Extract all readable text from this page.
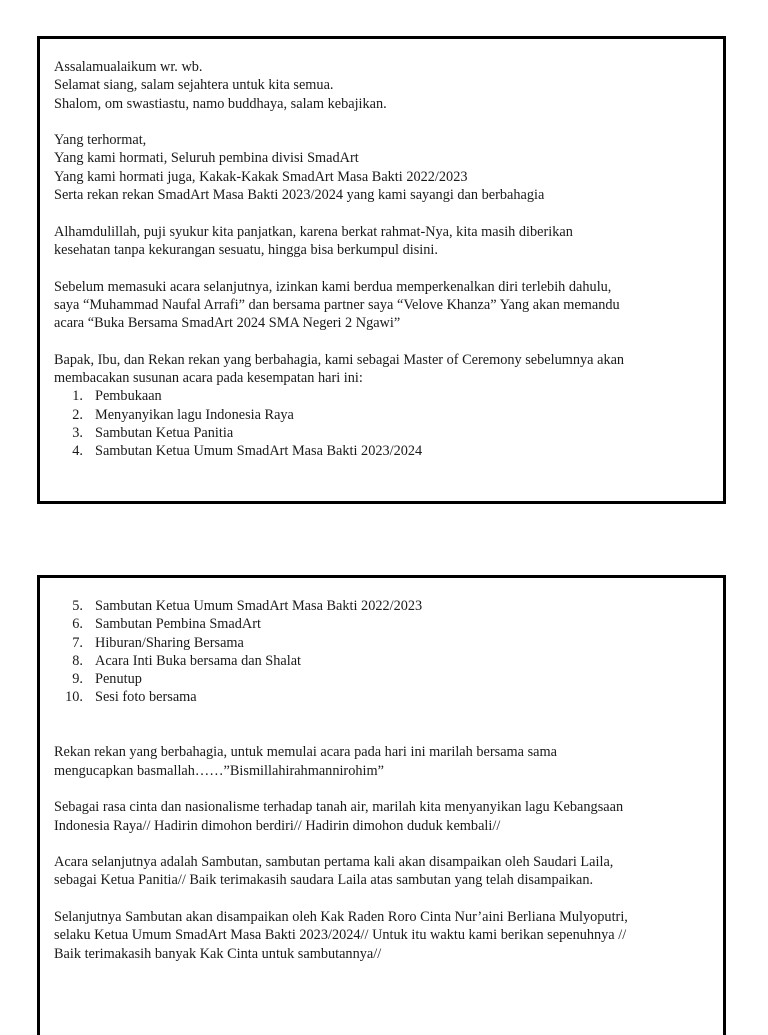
Assalamualaikum wr. wb.

Selamat siang, salam sejahtera untuk kita semua.

Shalom, om swastiastu, namo buddhaya, salam kebajikan.

Yang terhormat,

Yang kami hormati, Seluruh pembina divisi SmadArt

Yang kami hormati juga, Kakak-Kakak SmadArt Masa Bakti 2022/2023

Serta rekan rekan SmadArt Masa Bakti 2023/2024 yang kami sayangi dan berbahagia

Alhamdulillah, puji syukur kita panjatkan, karena berkat rahmat-Nya, kita masih diberikan

kesehatan tanpa kekurangan sesuatu, hingga bisa berkumpul disini.

Sebelum memasuki acara selanjutnya, izinkan kami berdua memperkenalkan diri terlebih dahulu,

saya “Muhammad Naufal Arrafi” dan bersama partner saya “Velove Khanza” Yang akan memandu

acara “Buka Bersama SmadArt 2024 SMA Negeri 2 Ngawi”

Bapak, Ibu, dan Rekan rekan yang berbahagia, kami sebagai Master of Ceremony sebelumnya akan

membacakan susunan acara pada kesempatan hari ini:

1. Pembukaan
2. Menyanyikan lagu Indonesia Raya
3. Sambutan Ketua Panitia
4. Sambutan Ketua Umum SmadArt Masa Bakti 2023/2024
5. Sambutan Ketua Umum SmadArt Masa Bakti 2022/2023
6. Sambutan Pembina SmadArt
7. Hiburan/Sharing Bersama
8. Acara Inti Buka bersama dan Shalat
9. Penutup
10. Sesi foto bersama

Rekan rekan yang berbahagia, untuk memulai acara pada hari ini marilah bersama sama

mengucapkan basmallah……”Bismillahirahmannirohim”

Sebagai rasa cinta dan nasionalisme terhadap tanah air, marilah kita menyanyikan lagu Kebangsaan

Indonesia Raya// Hadirin dimohon berdiri// Hadirin dimohon duduk kembali//

Acara selanjutnya adalah Sambutan, sambutan pertama kali akan disampaikan oleh Saudari Laila,

sebagai Ketua Panitia// Baik terimakasih saudara Laila atas sambutan yang telah disampaikan.

Selanjutnya Sambutan akan disampaikan oleh Kak Raden Roro Cinta Nur’aini Berliana Mulyoputri,

selaku Ketua Umum SmadArt Masa Bakti 2023/2024// Untuk itu waktu kami berikan sepenuhnya //

Baik terimakasih banyak Kak Cinta untuk sambutannya//
